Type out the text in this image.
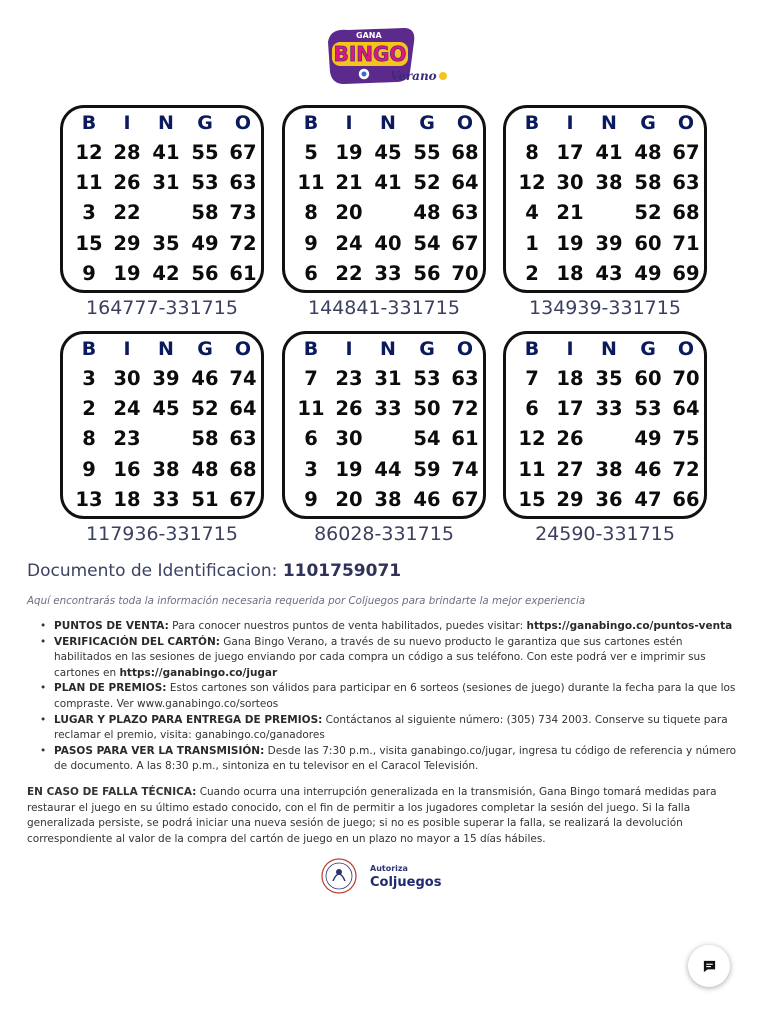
GANA
BINGO
Verano
B	I	N	G	O
12 28 41 55 67
11 26 31 53 63
3 22	58 73
15 29 35 49 72
9 19 42 56 61
164777-331715
B	I	N	G	O
5 19 45 55 68
11 21 41 52 64
8 20	48 63
9 24 40 54 67
6 22 33 56 70
144841-331715
B	I	N	G	O
8 17 41 48 67
12 30 38 58 63
4 21	52 68
1 19 39 60 71
2 18 43 49 69
134939-331715
B	I	N	G	O
3 30 39 46 74
2 24 45 52 64
8 23	58 63
9 16 38 48 68
13 18 33 51 67
117936-331715
B	I	N	G	O
7 23 31 53 63
11 26 33 50 72
6 30	54 61
3 19 44 59 74
9 20 38 46 67
86028-331715
B	I	N	G	O
7 18 35 60 70
6 17 33 53 64
12 26	49 75
11 27 38 46 72
15 29 36 47 66
24590-331715
Documento de Identificacion: 1101759071
Aquí encontrarás toda la información necesaria requerida por Coljuegos para brindarte la mejor experiencia
• PUNTOS DE VENTA: Para conocer nuestros puntos de venta habilitados, puedes visitar: https://ganabingo.co/puntos-venta
• VERIFICACIÓN DEL CARTÓN: Gana Bingo Verano, a través de su nuevo producto le garantiza que sus cartones estén habilitados en las sesiones de juego enviando por cada compra un código a sus teléfono. Con este podrá ver e imprimir sus cartones en https://ganabingo.co/jugar
• PLAN DE PREMIOS: Estos cartones son válidos para participar en 6 sorteos (sesiones de juego) durante la fecha para la que los compraste. Ver www.ganabingo.co/sorteos
• LUGAR Y PLAZO PARA ENTREGA DE PREMIOS: Contáctanos al siguiente número: (305) 734 2003. Conserve su tiquete para reclamar el premio, visita: ganabingo.co/ganadores
• PASOS PARA VER LA TRANSMISIÓN: Desde las 7:30 p.m., visita ganabingo.co/jugar, ingresa tu código de referencia y número de documento. A las 8:30 p.m., sintoniza en tu televisor en el Caracol Televisión.
EN CASO DE FALLA TÉCNICA: Cuando ocurra una interrupción generalizada en la transmisión, Gana Bingo tomará medidas para restaurar el juego en su último estado conocido, con el fin de permitir a los jugadores completar la sesión del juego. Si la falla generalizada persiste, se podrá iniciar una nueva sesión de juego; si no es posible superar la falla, se realizará la devolución correspondiente al valor de la compra del cartón de juego en un plazo no mayor a 15 días hábiles.
Autoriza
Coljuegos
